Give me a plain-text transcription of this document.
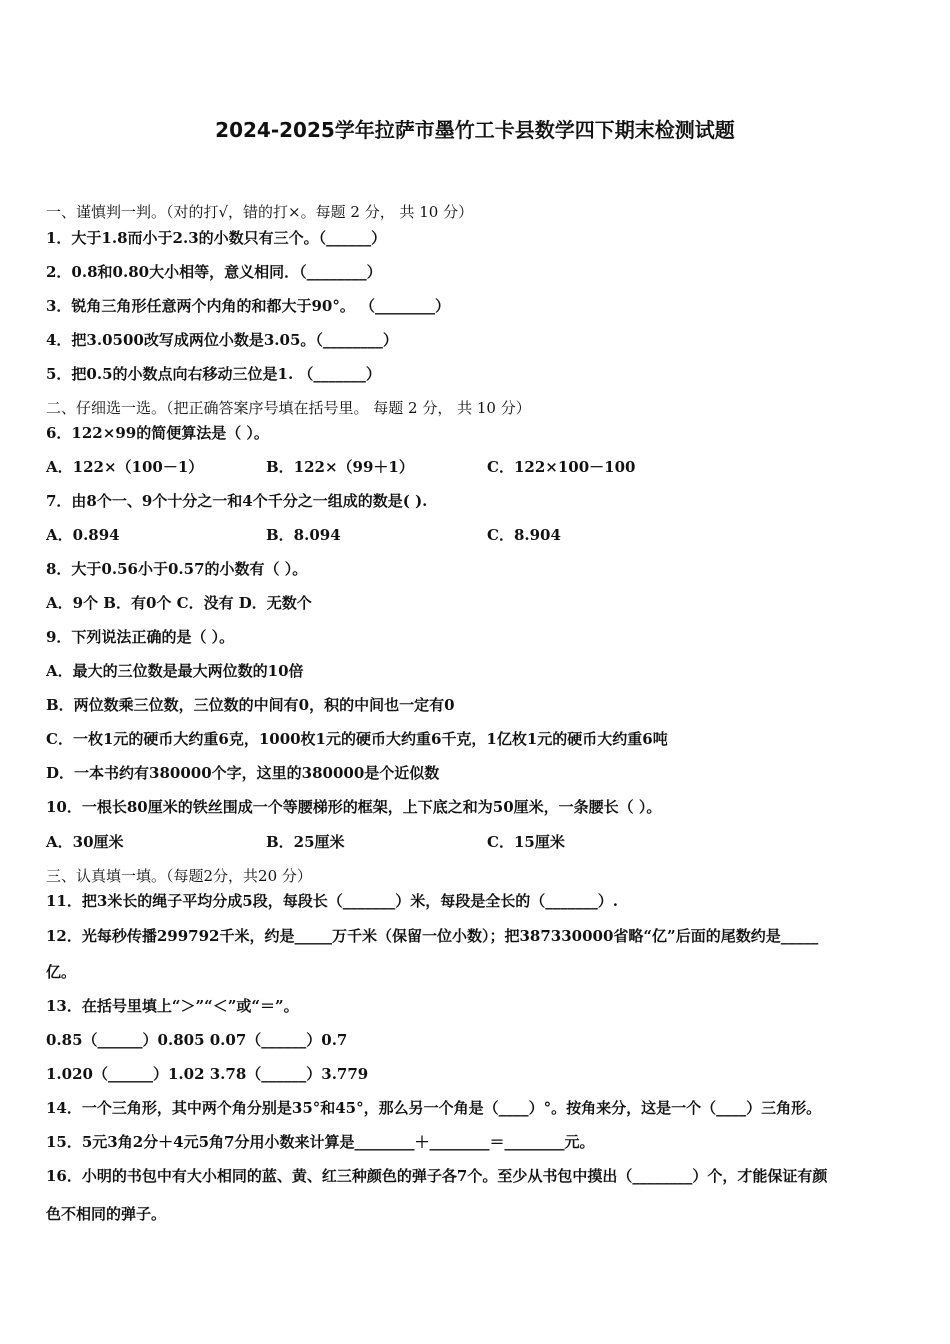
2024-2025学年拉萨市墨竹工卡县数学四下期末检测试题
一、谨慎判一判。（对的打√，错的打×。每题 2 分， 共 10 分）
1．大于1.8而小于2.3的小数只有三个。（______）
2．0.8和0.80大小相等，意义相同．（________）
3．锐角三角形任意两个内角的和都大于90°。 （________）
4．把3.0500改写成两位小数是3.05。（________）
5．把0.5的小数点向右移动三位是1. （_______）
二、仔细选一选。（把正确答案序号填在括号里。 每题 2 分， 共 10 分）
6．122×99的简便算法是（ ）。
A．122×（100－1）	B．122×（99＋1）	C．122×100－100
7．由8个一、9个十分之一和4个千分之一组成的数是( ).
A．0.894	B．8.094	C．8.904
8．大于0.56小于0.57的小数有（ ）。
A．9个 B．有0个 C．没有 D．无数个
9．下列说法正确的是（ ）。
A．最大的三位数是最大两位数的10倍
B．两位数乘三位数，三位数的中间有0，积的中间也一定有0
C．一枚1元的硬币大约重6克，1000枚1元的硬币大约重6千克，1亿枚1元的硬币大约重6吨
D．一本书约有380000个字，这里的380000是个近似数
10．一根长80厘米的铁丝围成一个等腰梯形的框架，上下底之和为50厘米，一条腰长（ ）。
A．30厘米	B．25厘米	C．15厘米
三、认真填一填。（每题2分，共20 分）
11．把3米长的绳子平均分成5段，每段长（_______）米，每段是全长的（_______）.
12．光每秒传播299792千米，约是_____万千米（保留一位小数）；把387330000省略“亿”后面的尾数约是_____
亿。
13．在括号里填上“＞”“＜”或“＝”。
0.85（______）0.805 0.07（______）0.7
1.020（______）1.02 3.78（______）3.779
14．一个三角形，其中两个角分别是35°和45°，那么另一个角是（____）°。按角来分，这是一个（____）三角形。
15．5元3角2分＋4元5角7分用小数来计算是________＋________＝________元。
16．小明的书包中有大小相同的蓝、黄、红三种颜色的弹子各7个。至少从书包中摸出（________）个，才能保证有颜
色不相同的弹子。
